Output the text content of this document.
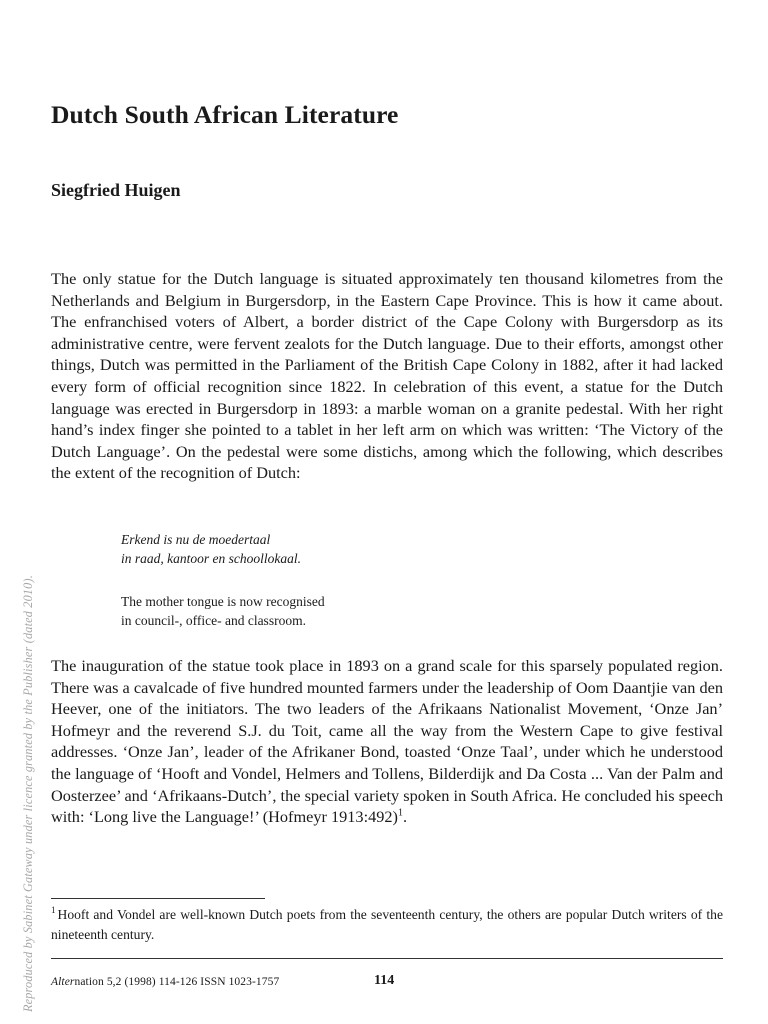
Dutch South African Literature
Siegfried Huigen

The only statue for the Dutch language is situated approximately ten thousand kilometres from the Netherlands and Belgium in Burgersdorp, in the Eastern Cape Province. This is how it came about. The enfranchised voters of Albert, a border district of the Cape Colony with Burgersdorp as its administrative centre, were fervent zealots for the Dutch language. Due to their efforts, amongst other things, Dutch was permitted in the Parliament of the British Cape Colony in 1882, after it had lacked every form of official recognition since 1822. In celebration of this event, a statue for the Dutch language was erected in Burgersdorp in 1893: a marble woman on a granite pedestal. With her right hand’s index finger she pointed to a tablet in her left arm on which was written: ‘The Victory of the Dutch Language’. On the pedestal were some distichs, among which the following, which describes the extent of the recognition of Dutch:

Erkend is nu de moedertaal
in raad, kantoor en schoollokaal.
The mother tongue is now recognised
in council-, office- and classroom.

The inauguration of the statue took place in 1893 on a grand scale for this sparsely populated region. There was a cavalcade of five hundred mounted farmers under the leadership of Oom Daantjie van den Heever, one of the initiators. The two leaders of the Afrikaans Nationalist Movement, ‘Onze Jan’ Hofmeyr and the reverend S.J. du Toit, came all the way from the Western Cape to give festival addresses. ‘Onze Jan’, leader of the Afrikaner Bond, toasted ‘Onze Taal’, under which he understood the language of ‘Hooft and Vondel, Helmers and Tollens, Bilderdijk and Da Costa ... Van der Palm and Oosterzee’ and ‘Afrikaans-Dutch’, the special variety spoken in South Africa. He concluded his speech with: ‘Long live the Language!’ (Hofmeyr 1913:492)$^1$.

$^1$ Hooft and Vondel are well-known Dutch poets from the seventeenth century, the others are popular Dutch writers of the nineteenth century.

Alternation 5,2 (1998) 114-126 ISSN 1023-1757	114
Reproduced by Sabinet Gateway under licence granted by the Publisher (dated 2010).
